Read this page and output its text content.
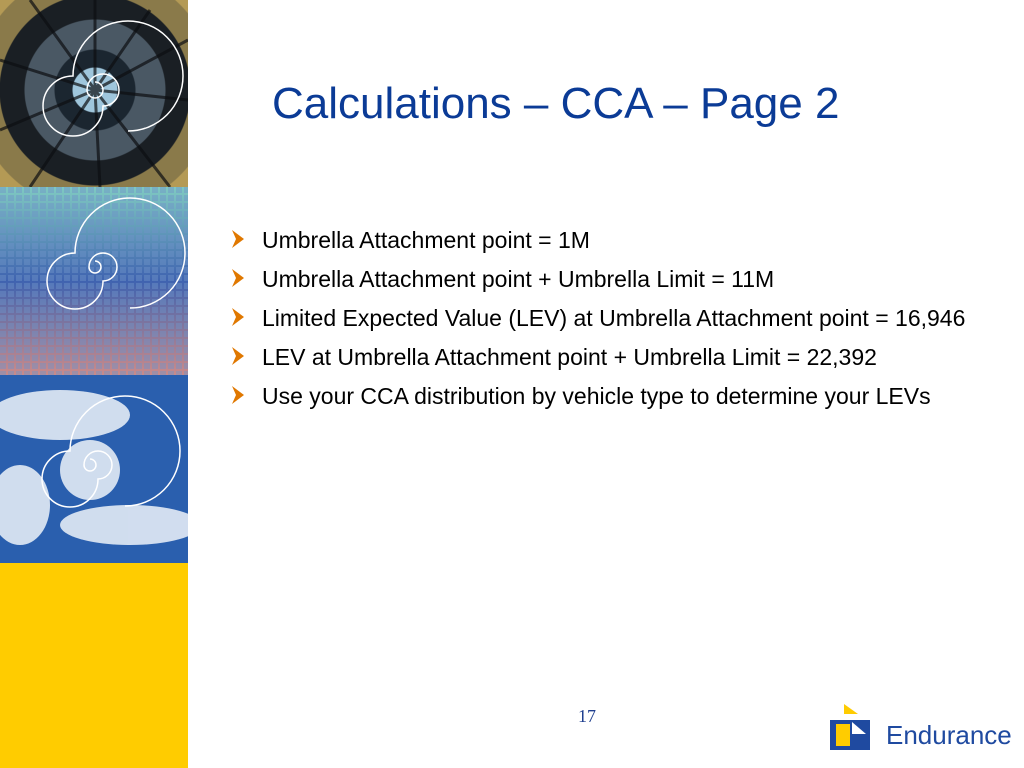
Calculations – CCA – Page 2
Umbrella Attachment point = 1M
Umbrella Attachment point + Umbrella Limit = 11M
Limited Expected Value (LEV) at Umbrella Attachment point = 16,946
LEV at Umbrella Attachment point + Umbrella Limit = 22,392
Use your CCA distribution by vehicle type to determine your LEVs
17
Endurance
